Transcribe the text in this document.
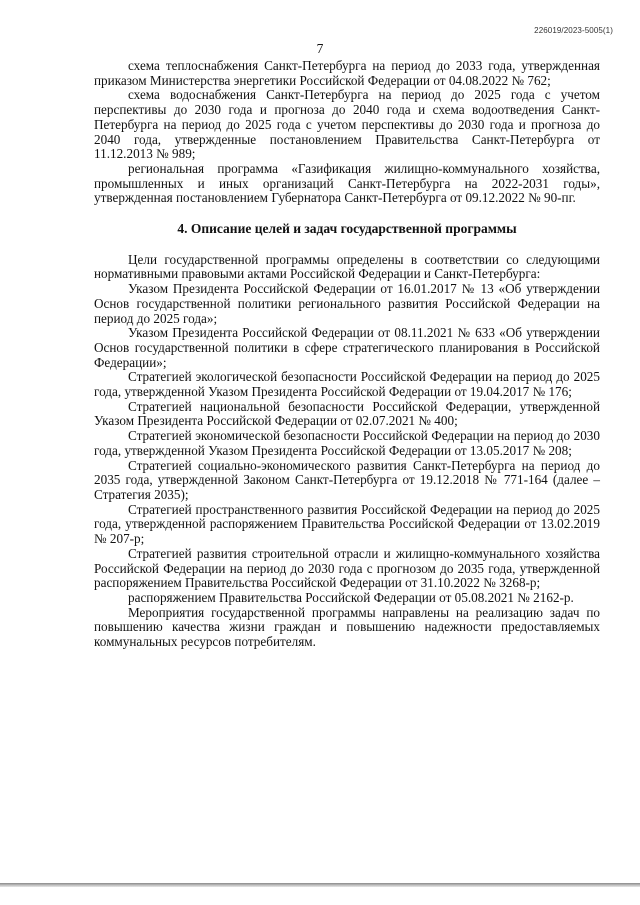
226019/2023-5005(1)
7

схема теплоснабжения Санкт-Петербурга на период до 2033 года, утвержденная приказом Министерства энергетики Российской Федерации от 04.08.2022 № 762;

схема водоснабжения Санкт-Петербурга на период до 2025 года с учетом перспективы до 2030 года и прогноза до 2040 года и схема водоотведения Санкт-Петербурга на период до 2025 года с учетом перспективы до 2030 года и прогноза до 2040 года, утвержденные постановлением Правительства Санкт-Петербурга от 11.12.2013 № 989;

региональная программа «Газификация жилищно-коммунального хозяйства, промышленных и иных организаций Санкт-Петербурга на 2022-2031 годы», утвержденная постановлением Губернатора Санкт-Петербурга от 09.12.2022 № 90-пг.

4. Описание целей и задач государственной программы

Цели государственной программы определены в соответствии со следующими нормативными правовыми актами Российской Федерации и Санкт-Петербурга:

Указом Президента Российской Федерации от 16.01.2017 № 13 «Об утверждении Основ государственной политики регионального развития Российской Федерации на период до 2025 года»;

Указом Президента Российской Федерации от 08.11.2021 № 633 «Об утверждении Основ государственной политики в сфере стратегического планирования в Российской Федерации»;

Стратегией экологической безопасности Российской Федерации на период до 2025 года, утвержденной Указом Президента Российской Федерации от 19.04.2017 № 176;

Стратегией национальной безопасности Российской Федерации, утвержденной Указом Президента Российской Федерации от 02.07.2021 № 400;

Стратегией экономической безопасности Российской Федерации на период до 2030 года, утвержденной Указом Президента Российской Федерации от 13.05.2017 № 208;

Стратегией социально-экономического развития Санкт-Петербурга на период до 2035 года, утвержденной Законом Санкт-Петербурга от 19.12.2018 № 771-164 (далее – Стратегия 2035);

Стратегией пространственного развития Российской Федерации на период до 2025 года, утвержденной распоряжением Правительства Российской Федерации от 13.02.2019 № 207-р;

Стратегией развития строительной отрасли и жилищно-коммунального хозяйства Российской Федерации на период до 2030 года с прогнозом до 2035 года, утвержденной распоряжением Правительства Российской Федерации от 31.10.2022 № 3268-р;

распоряжением Правительства Российской Федерации от 05.08.2021 № 2162-р.

Мероприятия государственной программы направлены на реализацию задач по повышению качества жизни граждан и повышению надежности предоставляемых коммунальных ресурсов потребителям.
